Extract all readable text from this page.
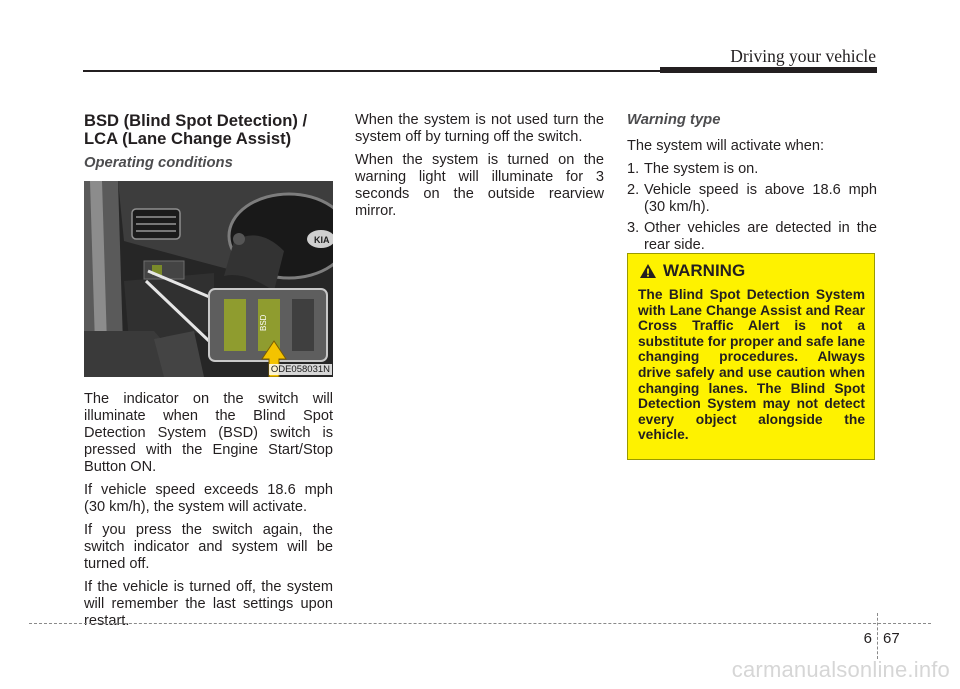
Driving your vehicle
BSD (Blind Spot Detection) / LCA (Lane Change Assist)
Operating conditions
KIA
BSD
ODE058031N

The indicator on the switch will illuminate when the Blind Spot Detection System (BSD) switch is pressed with the Engine Start/Stop Button ON.

If vehicle speed exceeds 18.6 mph (30 km/h), the system will activate.

If you press the switch again, the switch indicator and system will be turned off.

If the vehicle is turned off, the system will remember the last settings upon restart.

When the system is not used turn the system off by turning off the switch.

When the system is turned on the warning light will illuminate for 3 seconds on the outside rearview mirror.

Warning type

The system will activate when:

1. The system is on.
2. Vehicle speed is above 18.6 mph (30 km/h).
3. Other vehicles are detected in the rear side.
WARNING

The Blind Spot Detection System with Lane Change Assist and Rear Cross Traffic Alert is not a substitute for proper and safe lane changing procedures. Always drive safely and use caution when changing lanes. The Blind Spot Detection System may not detect every object alongside the vehicle.

6 67
carmanualsonline.info
